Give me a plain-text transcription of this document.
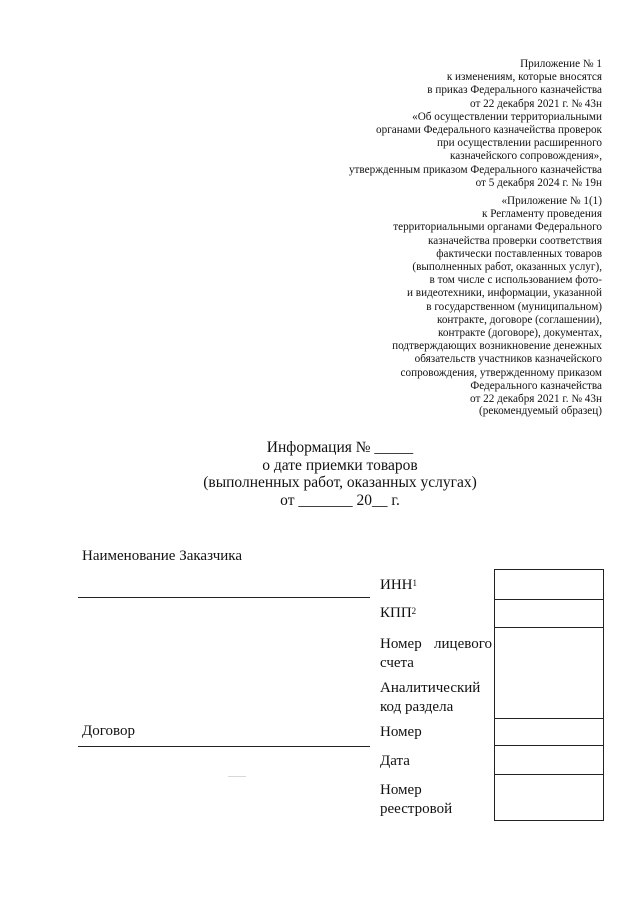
Приложение № 1
к изменениям, которые вносятся
в приказ Федерального казначейства
от 22 декабря 2021 г. № 43н
«Об осуществлении территориальными
органами Федерального казначейства проверок
при осуществлении расширенного
казначейского сопровождения»,
утвержденным приказом Федерального казначейства
от 5 декабря 2024 г. № 19н
«Приложение № 1(1)
к Регламенту проведения
территориальными органами Федерального
казначейства проверки соответствия
фактически поставленных товаров
(выполненных работ, оказанных услуг),
в том числе с использованием фото-
и видеотехники, информации, указанной
в государственном (муниципальном)
контракте, договоре (соглашении),
контракте (договоре), документах,
подтверждающих возникновение денежных
обязательств участников казначейского
сопровождения, утвержденному приказом
Федерального казначейства
от 22 декабря 2021 г. № 43н
(рекомендуемый образец)
Информация № _____
о дате приемки товаров
(выполненных работ, оказанных услугах)
от _______ 20__ г.
Наименование Заказчика
Договор
ИНН$^1$
КПП$^2$
Номер лицевого
счета
Аналитический
код раздела
Номер
Дата
Номер
реестровой
